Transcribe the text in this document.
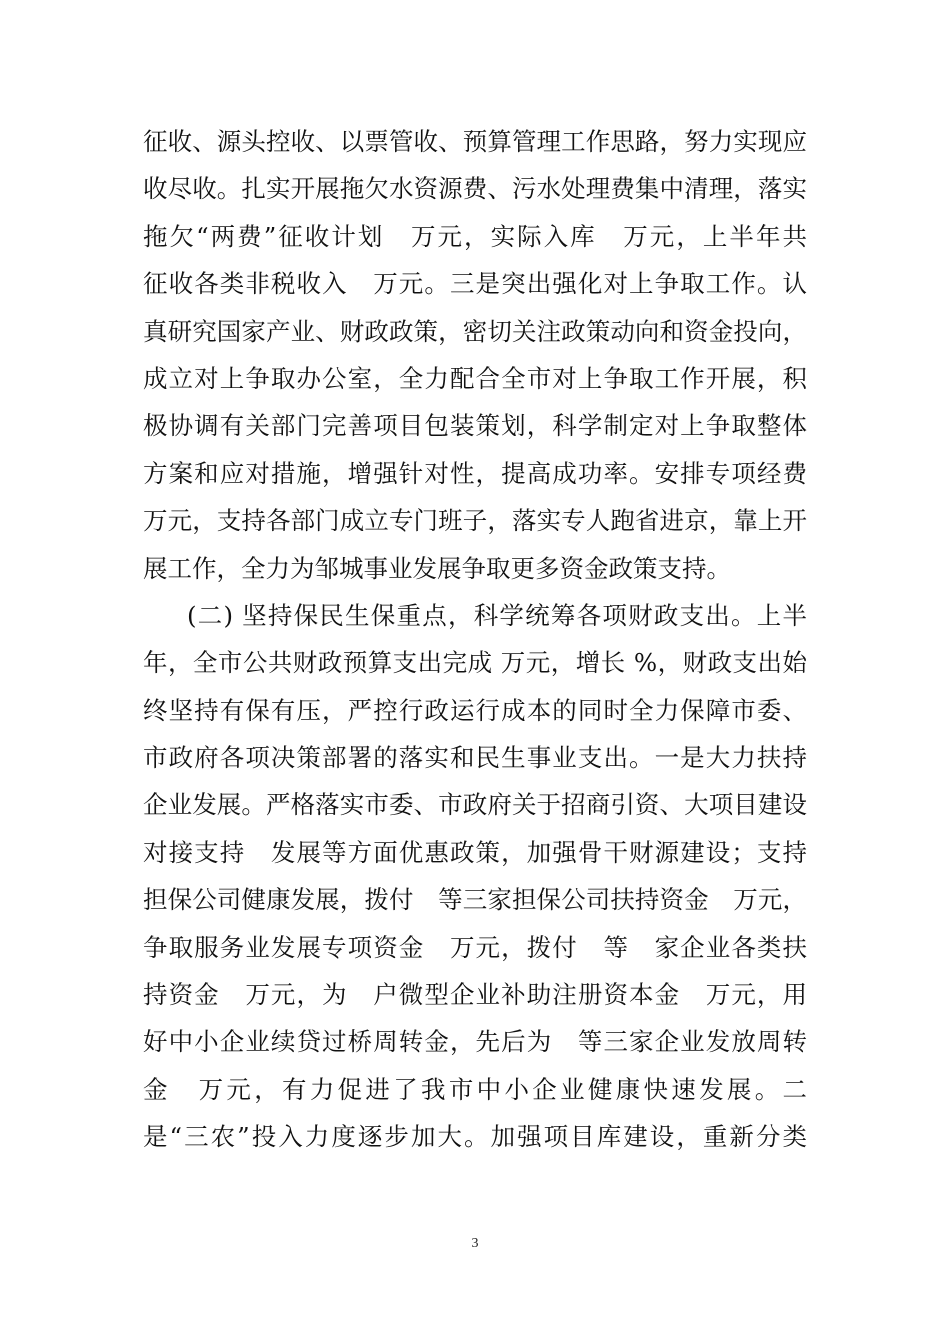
征收、源头控收、以票管收、预算管理工作思路，努力实现应
收尽收。扎实开展拖欠水资源费、污水处理费集中清理，落实
拖欠“两费”征收计划　万元，实际入库　万元，上半年共
征收各类非税收入　万元。三是突出强化对上争取工作。认
真研究国家产业、财政政策，密切关注政策动向和资金投向，
成立对上争取办公室，全力配合全市对上争取工作开展，积
极协调有关部门完善项目包装策划，科学制定对上争取整体
方案和应对措施，增强针对性，提高成功率。安排专项经费
万元，支持各部门成立专门班子，落实专人跑省进京，靠上开
展工作，全力为邹城事业发展争取更多资金政策支持。
(二) 坚持保民生保重点，科学统筹各项财政支出。上半
年，全市公共财政预算支出完成 万元，增长 %，财政支出始
终坚持有保有压，严控行政运行成本的同时全力保障市委、
市政府各项决策部署的落实和民生事业支出。一是大力扶持
企业发展。严格落实市委、市政府关于招商引资、大项目建设
对接支持　发展等方面优惠政策，加强骨干财源建设；支持
担保公司健康发展，拨付　等三家担保公司扶持资金　万元，
争取服务业发展专项资金　万元，拨付　等　家企业各类扶
持资金　万元，为　户微型企业补助注册资本金　万元，用
好中小企业续贷过桥周转金，先后为　等三家企业发放周转
金　万元，有力促进了我市中小企业健康快速发展。二
是“三农”投入力度逐步加大。加强项目库建设，重新分类
3
